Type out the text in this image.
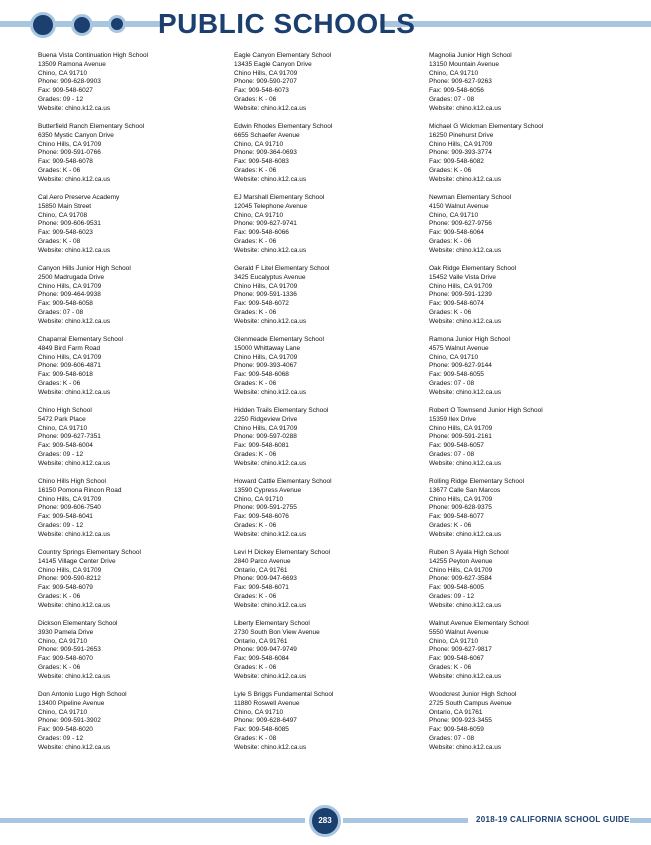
PUBLIC SCHOOLS
Buena Vista Continuation High School
13509 Ramona Avenue
Chino, CA 91710
Phone: 909-628-9903
Fax: 909-548-6027
Grades: 09 - 12
Website: chino.k12.ca.us
Butterfield Ranch Elementary School
6350 Mystic Canyon Drive
Chino Hills, CA 91709
Phone: 909-591-0766
Fax: 909-548-6078
Grades: K - 06
Website: chino.k12.ca.us
Cal Aero Preserve Academy
15850 Main Street
Chino, CA 91708
Phone: 909-606-9531
Fax: 909-548-6023
Grades: K - 08
Website: chino.k12.ca.us
Canyon Hills Junior High School
2500 Madrugada Drive
Chino Hills, CA 91709
Phone: 909-464-9938
Fax: 909-548-6058
Grades: 07 - 08
Website: chino.k12.ca.us
Chaparral Elementary School
4849 Bird Farm Road
Chino Hills, CA 91709
Phone: 909-606-4871
Fax: 909-548-6018
Grades: K - 06
Website: chino.k12.ca.us
Chino High School
5472 Park Place
Chino, CA 91710
Phone: 909-627-7351
Fax: 909-548-6004
Grades: 09 - 12
Website: chino.k12.ca.us
Chino Hills High School
16150 Pomona Rincon Road
Chino Hills, CA 91709
Phone: 909-606-7540
Fax: 909-548-6041
Grades: 09 - 12
Website: chino.k12.ca.us
Country Springs Elementary School
14145 Village Center Drive
Chino Hills, CA 91709
Phone: 909-590-8212
Fax: 909-548-6079
Grades: K - 06
Website: chino.k12.ca.us
Dickson Elementary School
3930 Pamela Drive
Chino, CA 91710
Phone: 909-591-2653
Fax: 909-548-6070
Grades: K - 06
Website: chino.k12.ca.us
Don Antonio Lugo High School
13400 Pipeline Avenue
Chino, CA 91710
Phone: 909-591-3902
Fax: 909-548-6020
Grades: 09 - 12
Website: chino.k12.ca.us
Eagle Canyon Elementary School
13435 Eagle Canyon Drive
Chino Hills, CA 91709
Phone: 909-590-2707
Fax: 909-548-6073
Grades: K - 06
Website: chino.k12.ca.us
Edwin Rhodes Elementary School
6655 Schaefer Avenue
Chino, CA 91710
Phone: 909-364-0693
Fax: 909-548-6083
Grades: K - 06
Website: chino.k12.ca.us
EJ Marshall Elementary School
12045 Telephone Avenue
Chino, CA 91710
Phone: 909-627-9741
Fax: 909-548-6066
Grades: K - 06
Website: chino.k12.ca.us
Gerald F Litel Elementary School
3425 Eucalyptus Avenue
Chino Hills, CA 91709
Phone: 909-591-1336
Fax: 909-548-6072
Grades: K - 06
Website: chino.k12.ca.us
Glenmeade Elementary School
15000 Whittaway Lane
Chino Hills, CA 91709
Phone: 909-393-4067
Fax: 909-548-6068
Grades: K - 06
Website: chino.k12.ca.us
Hidden Trails Elementary School
2250 Ridgeview Drive
Chino Hills, CA 91709
Phone: 909-597-0288
Fax: 909-548-6081
Grades: K - 06
Website: chino.k12.ca.us
Howard Cattle Elementary School
13590 Cypress Avenue
Chino, CA 91710
Phone: 909-591-2755
Fax: 909-548-6076
Grades: K - 06
Website: chino.k12.ca.us
Levi H Dickey Elementary School
2840 Parco Avenue
Ontario, CA 91761
Phone: 909-947-6693
Fax: 909-548-6071
Grades: K - 06
Website: chino.k12.ca.us
Liberty Elementary School
2730 South Bon View Avenue
Ontario, CA 91761
Phone: 909-947-9749
Fax: 909-548-6084
Grades: K - 06
Website: chino.k12.ca.us
Lyle S Briggs Fundamental School
11880 Roswell Avenue
Chino, CA 91710
Phone: 909-628-6497
Fax: 909-548-6085
Grades: K - 08
Website: chino.k12.ca.us
Magnolia Junior High School
13150 Mountain Avenue
Chino, CA 91710
Phone: 909-627-9263
Fax: 909-548-6056
Grades: 07 - 08
Website: chino.k12.ca.us
Michael G Wickman Elementary School
16250 Pinehurst Drive
Chino Hills, CA 91709
Phone: 909-393-3774
Fax: 909-548-6082
Grades: K - 06
Website: chino.k12.ca.us
Newman Elementary School
4150 Walnut Avenue
Chino, CA 91710
Phone: 909-627-9756
Fax: 909-548-6064
Grades: K - 06
Website: chino.k12.ca.us
Oak Ridge Elementary School
15452 Valle Vista Drive
Chino Hills, CA 91709
Phone: 909-591-1239
Fax: 909-548-6074
Grades: K - 06
Website: chino.k12.ca.us
Ramona Junior High School
4575 Walnut Avenue
Chino, CA 91710
Phone: 909-627-9144
Fax: 909-548-6055
Grades: 07 - 08
Website: chino.k12.ca.us
Robert O Townsend Junior High School
15359 Ilex Drive
Chino Hills, CA 91709
Phone: 909-591-2161
Fax: 909-548-6057
Grades: 07 - 08
Website: chino.k12.ca.us
Rolling Ridge Elementary School
13677 Calle San Marcos
Chino Hills, CA 91709
Phone: 909-628-9375
Fax: 909-548-6077
Grades: K - 06
Website: chino.k12.ca.us
Ruben S Ayala High School
14255 Peyton Avenue
Chino Hills, CA 91709
Phone: 909-627-3584
Fax: 909-548-6005
Grades: 09 - 12
Website: chino.k12.ca.us
Walnut Avenue Elementary School
5550 Walnut Avenue
Chino, CA 91710
Phone: 909-627-9817
Fax: 909-548-6067
Grades: K - 06
Website: chino.k12.ca.us
Woodcrest Junior High School
2725 South Campus Avenue
Ontario, CA 91761
Phone: 909-923-3455
Fax: 909-548-6059
Grades: 07 - 08
Website: chino.k12.ca.us
283	2018-19 CALIFORNIA SCHOOL GUIDE
